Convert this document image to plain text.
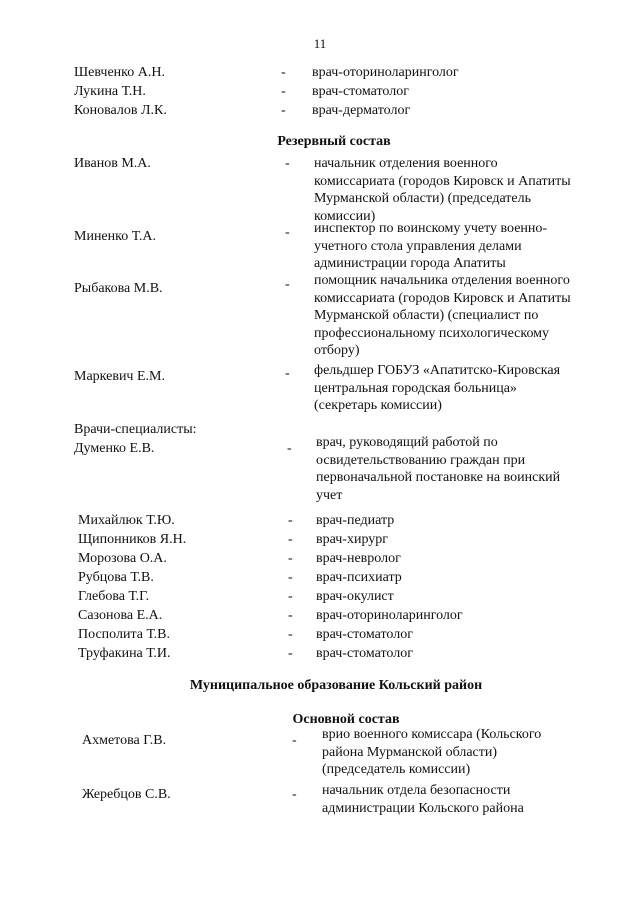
11
Шевченко А.Н.	- врач-оториноларинголог
Лукина Т.Н.	- врач-стоматолог
Коновалов Л.К.	- врач-дерматолог
Резервный состав
Иванов М.А.	- начальник отделения военного
комиссариата (городов Кировск и Апатиты
Мурманской области) (председатель
комиссии)
Миненко Т.А.	- инспектор по воинскому учету военно-
учетного стола управления делами
администрации города Апатиты
Рыбакова М.В.	- помощник начальника отделения военного
комиссариата (городов Кировск и Апатиты
Мурманской области) (специалист по
профессиональному психологическому
отбору)
Маркевич Е.М.	- фельдшер ГОБУЗ «Апатитско-Кировская
центральная городская больница»
(секретарь комиссии)
Врачи-специалисты:
Думенко Е.В.	- врач, руководящий работой по
освидетельствованию граждан при
первоначальной постановке на воинский
учет
Михайлюк Т.Ю.	- врач-педиатр
Щипонников Я.Н.	- врач-хирург
Морозова О.А.	- врач-невролог
Рубцова Т.В.	- врач-психиатр
Глебова Т.Г.	- врач-окулист
Сазонова Е.А.	- врач-оториноларинголог
Посполита Т.В.	- врач-стоматолог
Труфакина Т.И.	- врач-стоматолог
Муниципальное образование Кольский район
Основной состав
Ахметова Г.В.	- врио военного комиссара (Кольского
района Мурманской области)
(председатель комиссии)
Жеребцов С.В.	- начальник отдела безопасности
администрации Кольского района
